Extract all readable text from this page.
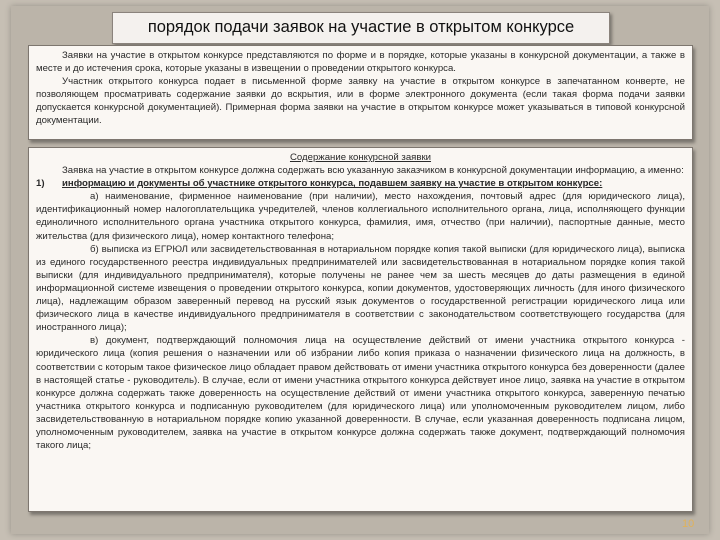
порядок подачи заявок на участие в открытом конкурсе

Заявки на участие в открытом конкурсе представляются по форме и в порядке, которые указаны в конкурсной документации, а также в месте и до истечения срока, которые указаны в извещении о проведении открытого конкурса.

Участник открытого конкурса подает в письменной форме заявку на участие в открытом конкурсе в запечатанном конверте, не позволяющем просматривать содержание заявки до вскрытия, или в форме электронного документа (если такая форма подачи заявки допускается конкурсной документацией). Примерная форма заявки на участие в открытом конкурсе может указываться в типовой конкурсной документации.

Содержание конкурсной заявки

Заявка на участие в открытом конкурсе должна содержать всю указанную заказчиком в конкурсной документации информацию, а именно:

1)	информацию и документы об участнике открытого конкурса, подавшем заявку на участие в открытом конкурсе:

а) наименование, фирменное наименование (при наличии), место нахождения, почтовый адрес (для юридического лица), идентификационный номер налогоплательщика учредителей, членов коллегиального исполнительного органа, лица, исполняющего функции единоличного исполнительного органа участника открытого конкурса, фамилия, имя, отчество (при наличии), паспортные данные, место жительства (для физического лица), номер контактного телефона;

б) выписка из ЕГРЮЛ или засвидетельствованная в нотариальном порядке копия такой выписки (для юридического лица), выписка из единого государственного реестра индивидуальных предпринимателей или засвидетельствованная в нотариальном порядке копия такой выписки (для индивидуального предпринимателя), которые получены не ранее чем за шесть месяцев до даты размещения в единой информационной системе извещения о проведении открытого конкурса, копии документов, удостоверяющих личность (для иного физического лица), надлежащим образом заверенный перевод на русский язык документов о государственной регистрации юридического лица или физического лица в качестве индивидуального предпринимателя в соответствии с законодательством соответствующего государства (для иностранного лица);

в) документ, подтверждающий полномочия лица на осуществление действий от имени участника открытого конкурса - юридического лица (копия решения о назначении или об избрании либо копия приказа о назначении физического лица на должность, в соответствии с которым такое физическое лицо обладает правом действовать от имени участника открытого конкурса без доверенности (далее в настоящей статье - руководитель). В случае, если от имени участника открытого конкурса действует иное лицо, заявка на участие в открытом конкурсе должна содержать также доверенность на осуществление действий от имени участника открытого конкурса, заверенную печатью участника открытого конкурса и подписанную руководителем (для юридического лица) или уполномоченным руководителем лицом, либо засвидетельствованную в нотариальном порядке копию указанной доверенности. В случае, если указанная доверенность подписана лицом, уполномоченным руководителем, заявка на участие в открытом конкурсе должна содержать также документ, подтверждающий полномочия такого лица;

10
